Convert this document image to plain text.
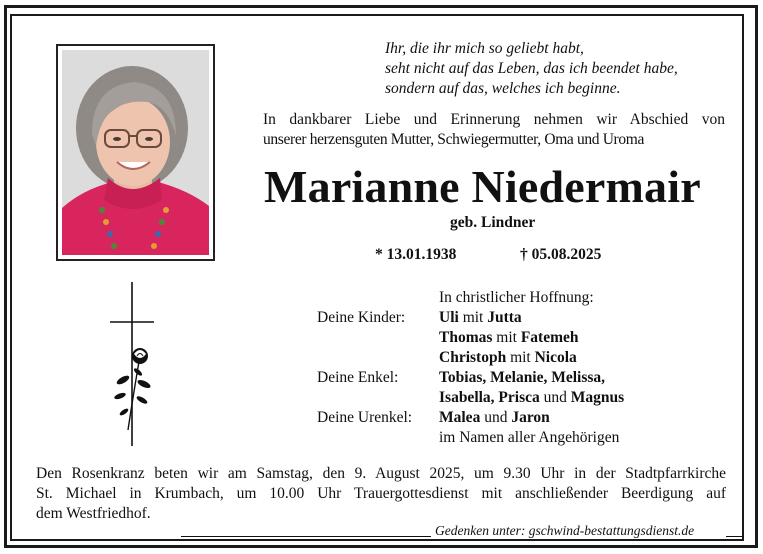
Ihr, die ihr mich so geliebt habt,
seht nicht auf das Leben, das ich beendet habe,
sondern auf das, welches ich beginne.
In dankbarer Liebe und Erinnerung nehmen wir Abschied von
unserer herzensguten Mutter, Schwiegermutter, Oma und Uroma
Marianne Niedermair
geb. Lindner
* 13.01.1938	† 05.08.2025
In christlicher Hoffnung:
Deine Kinder: Uli mit Jutta
Thomas mit Fatemeh
Christoph mit Nicola
Deine Enkel:	Tobias, Melanie, Melissa,
Isabella, Prisca und Magnus
Deine Urenkel: Malea und Jaron
im Namen aller Angehörigen
Den Rosenkranz beten wir am Samstag, den 9. August 2025, um 9.30 Uhr in der Stadtpfarrkirche
St. Michael in Krumbach, um 10.00 Uhr Trauergottesdienst mit anschließender Beerdigung auf
dem Westfriedhof.
Gedenken unter: gschwind-bestattungsdienst.de
